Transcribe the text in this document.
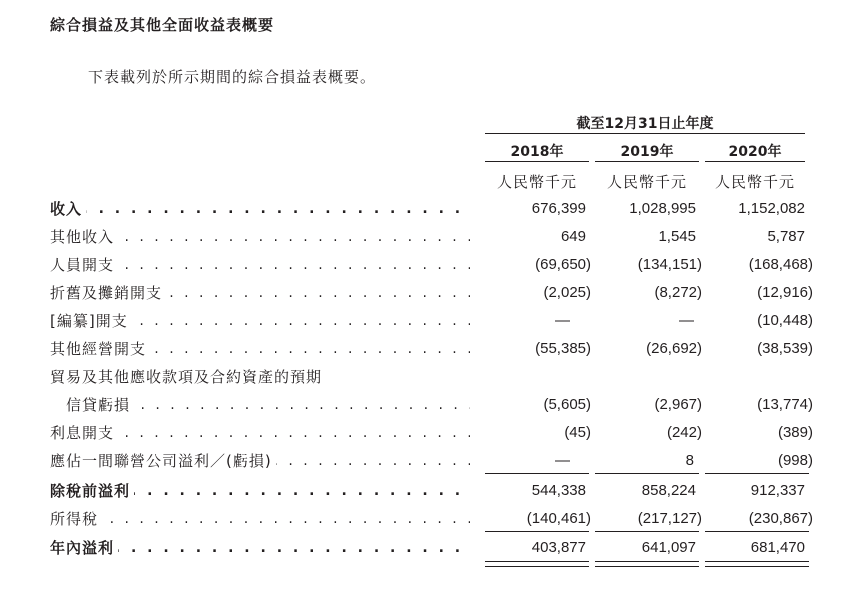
綜合損益及其他全面收益表概要
下表載列於所示期間的綜合損益表概要。
截至12月31日止年度
2018年	2019年	2020年
人民幣千元	人民幣千元	人民幣千元
收入 . . .	676,399	1,028,995	1,152,082
其他收入 . . .	649	1,545	5,787
人員開支 . . .	(69,650)	(134,151)	(168,468)
折舊及攤銷開支 . . .	(2,025)	(8,272)	(12,916)
[編纂]開支 . . .	—	—	(10,448)
其他經營開支 . . .	(55,385)	(26,692)	(38,539)
貿易及其他應收款項及合約資產的預期
信貸虧損 . . .	(5,605)	(2,967)	(13,774)
利息開支 . . .	(45)	(242)	(389)
應佔一間聯營公司溢利／(虧損) . . .	—	8	(998)
除稅前溢利 . . .	544,338	858,224	912,337
所得稅 . . .	(140,461)	(217,127)	(230,867)
年內溢利 . . .	403,877	641,097	681,470
